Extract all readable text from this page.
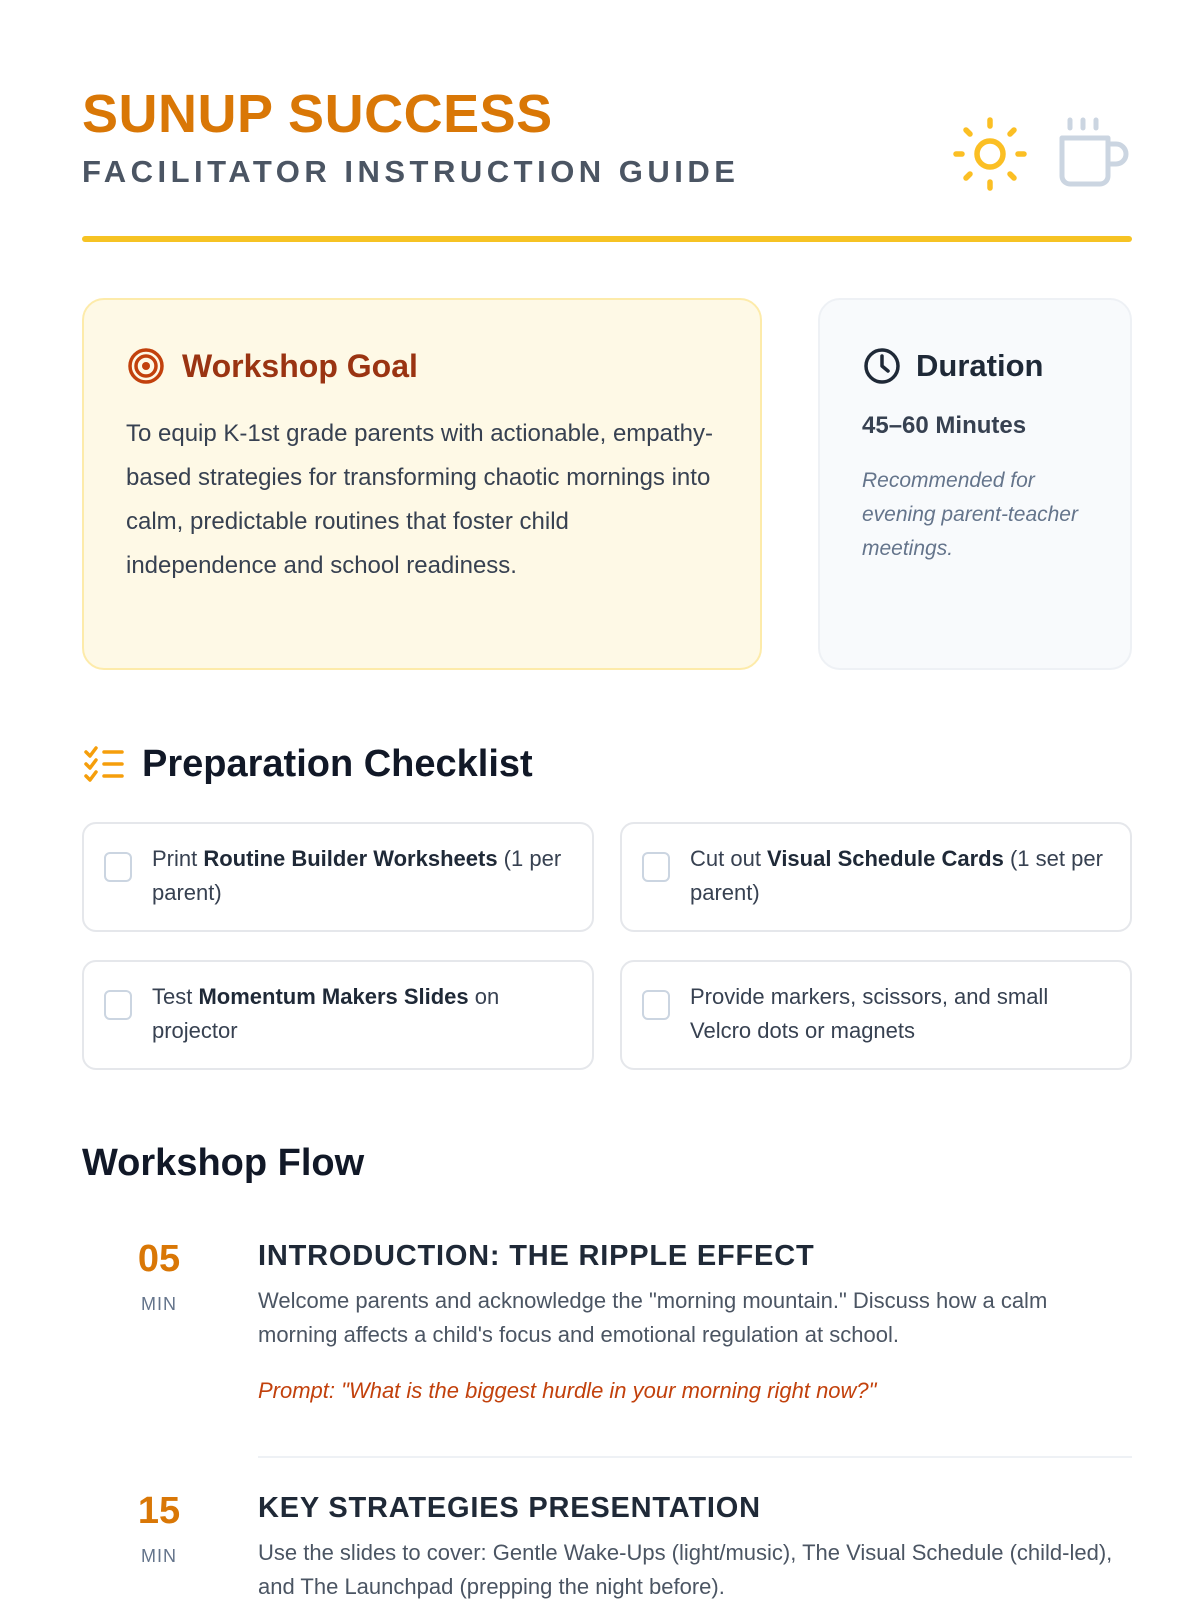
SUNUP SUCCESS
FACILITATOR INSTRUCTION GUIDE
Workshop Goal
To equip K-1st grade parents with actionable, empathy-based strategies for transforming chaotic mornings into calm, predictable routines that foster child independence and school readiness.
Duration
45–60 Minutes
Recommended for evening parent-teacher meetings.
Preparation Checklist
Print Routine Builder Worksheets (1 per parent)
Cut out Visual Schedule Cards (1 set per parent)
Test Momentum Makers Slides on projector
Provide markers, scissors, and small Velcro dots or magnets
Workshop Flow
05
MIN
INTRODUCTION: THE RIPPLE EFFECT
Welcome parents and acknowledge the "morning mountain." Discuss how a calm morning affects a child's focus and emotional regulation at school.
Prompt: "What is the biggest hurdle in your morning right now?"
15
MIN
KEY STRATEGIES PRESENTATION
Use the slides to cover: Gentle Wake-Ups (light/music), The Visual Schedule (child-led), and The Launchpad (prepping the night before).
